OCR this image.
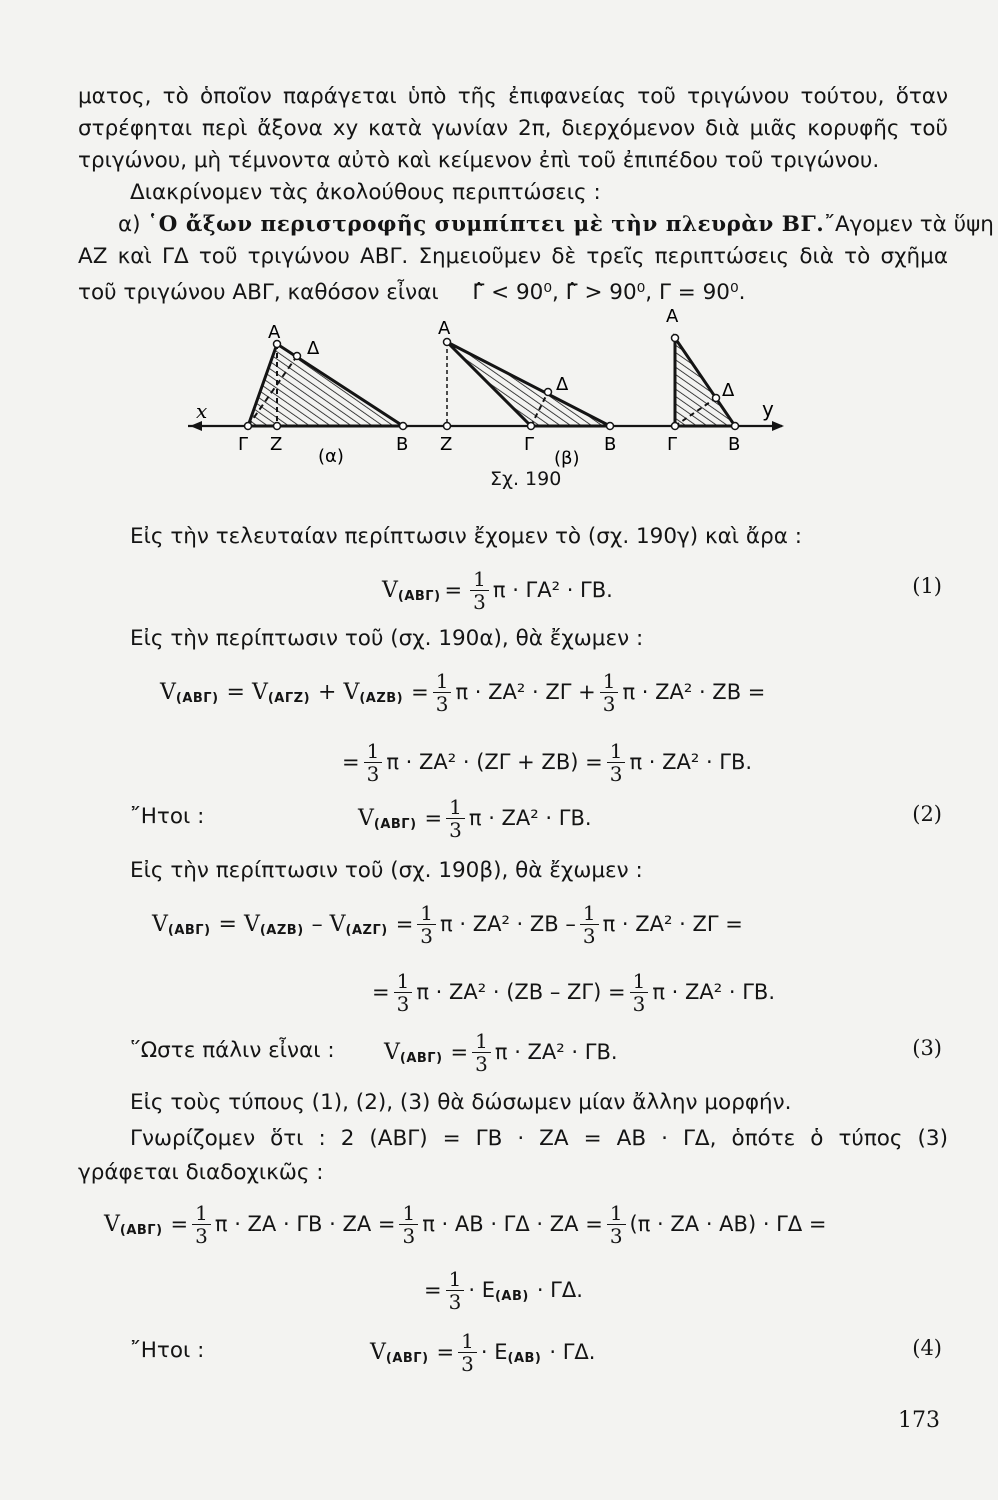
ματος, τὸ ὁποῖον παράγεται ὑπὸ τῆς ἐπιφανείας τοῦ τριγώνου τούτου, ὅταν
στρέφηται περὶ ἄξονα xy κατὰ γωνίαν 2π, διερχόμενον διὰ μιᾶς κορυφῆς τοῦ
τριγώνου, μὴ τέμνοντα αὐτὸ καὶ κείμενον ἐπὶ τοῦ ἐπιπέδου τοῦ τριγώνου.
Διακρίνομεν τὰς ἀκολούθους περιπτώσεις :
α) ῾Ο ἄξων περιστροφῆς συμπίπτει μὲ τὴν πλευρὰν ΒΓ. ῎Αγομεν τὰ ὕψη
ΑΖ καὶ ΓΔ τοῦ τριγώνου ΑΒΓ. Σημειοῦμεν δὲ τρεῖς περιπτώσεις διὰ τὸ σχῆμα
τοῦ τριγώνου ΑΒΓ, καθόσον εἶναι Γ̂ < 90⁰, Γ̂ > 90⁰, Γ = 90⁰.
x	y
Α
Δ
Γ Ζ	Β
(α)
Α
Δ
Ζ	Γ	Β
(β)
Α
Δ
Γ	Β
Σχ. 190
Εἰς τὴν τελευταίαν περίπτωσιν ἔχομεν τὸ (σχ. 190γ) καὶ ἄρα :
V $(AB\Gamma) = \frac{1}{3}$ π · ΓΑ² · ΓΒ.	(1)
Εἰς τὴν περίπτωσιν τοῦ (σχ. 190α), θὰ ἔχωμεν :
V (ΑΒΓ) = V (ΑΓΖ) + V $(AZB) = \frac{1}{3}$ $\pi \cdot ZA^2 \cdot Z\Gamma + \frac{1}{3}$ π · ΖΑ² · ΖΒ =
= $\frac{1}{3}$ $\pi \cdot ZA^2 \cdot (Z\Gamma + ZB) = \frac{1}{3}$ π · ΖΑ² · ΓΒ.
῎Ητοι :	V $(AB\Gamma) = \frac{1}{3}$ π · ΖΑ² · ΓΒ.	(2)
Εἰς τὴν περίπτωσιν τοῦ (σχ. 190β), θὰ ἔχωμεν :
V (ΑΒΓ) = V (ΑΖΒ) – V $(AZ\Gamma) = \frac{1}{3}$ $\pi \cdot ZA^2 \cdot ZB - \frac{1}{3}$ π · ΖΑ² · ΖΓ =
= $\frac{1}{3}$ $\pi \cdot ZA^2 \cdot (ZB - Z\Gamma) = \frac{1}{3}$ π · ΖΑ² · ΓΒ.
῞Ωστε πάλιν εἶναι :	V $(AB\Gamma) = \frac{1}{3}$ π · ΖΑ² · ΓΒ.	(3)
Εἰς τοὺς τύπους (1), (2), (3) θὰ δώσωμεν μίαν ἄλλην μορφήν.
Γνωρίζομεν ὅτι : 2 (ΑΒΓ) = ΓΒ · ΖΑ = ΑΒ · ΓΔ, ὁπότε ὁ τύπος (3)
γράφεται διαδοχικῶς :
V $(AB\Gamma) = \frac{1}{3}$ $\pi \cdot ZA \cdot \Gamma B \cdot ZA = \frac{1}{3}$ $\pi \cdot AB \cdot \Gamma\Delta \cdot ZA = \frac{1}{3} (\pi \cdot ZA \cdot AB) \cdot \Gamma\Delta$ =
= $\frac{1}{3} \cdot E$ (ΑΒ) · ΓΔ.
῎Ητοι :	V $(AB\Gamma) = \frac{1}{3} \cdot E$ (ΑΒ) · ΓΔ.	(4)
173
